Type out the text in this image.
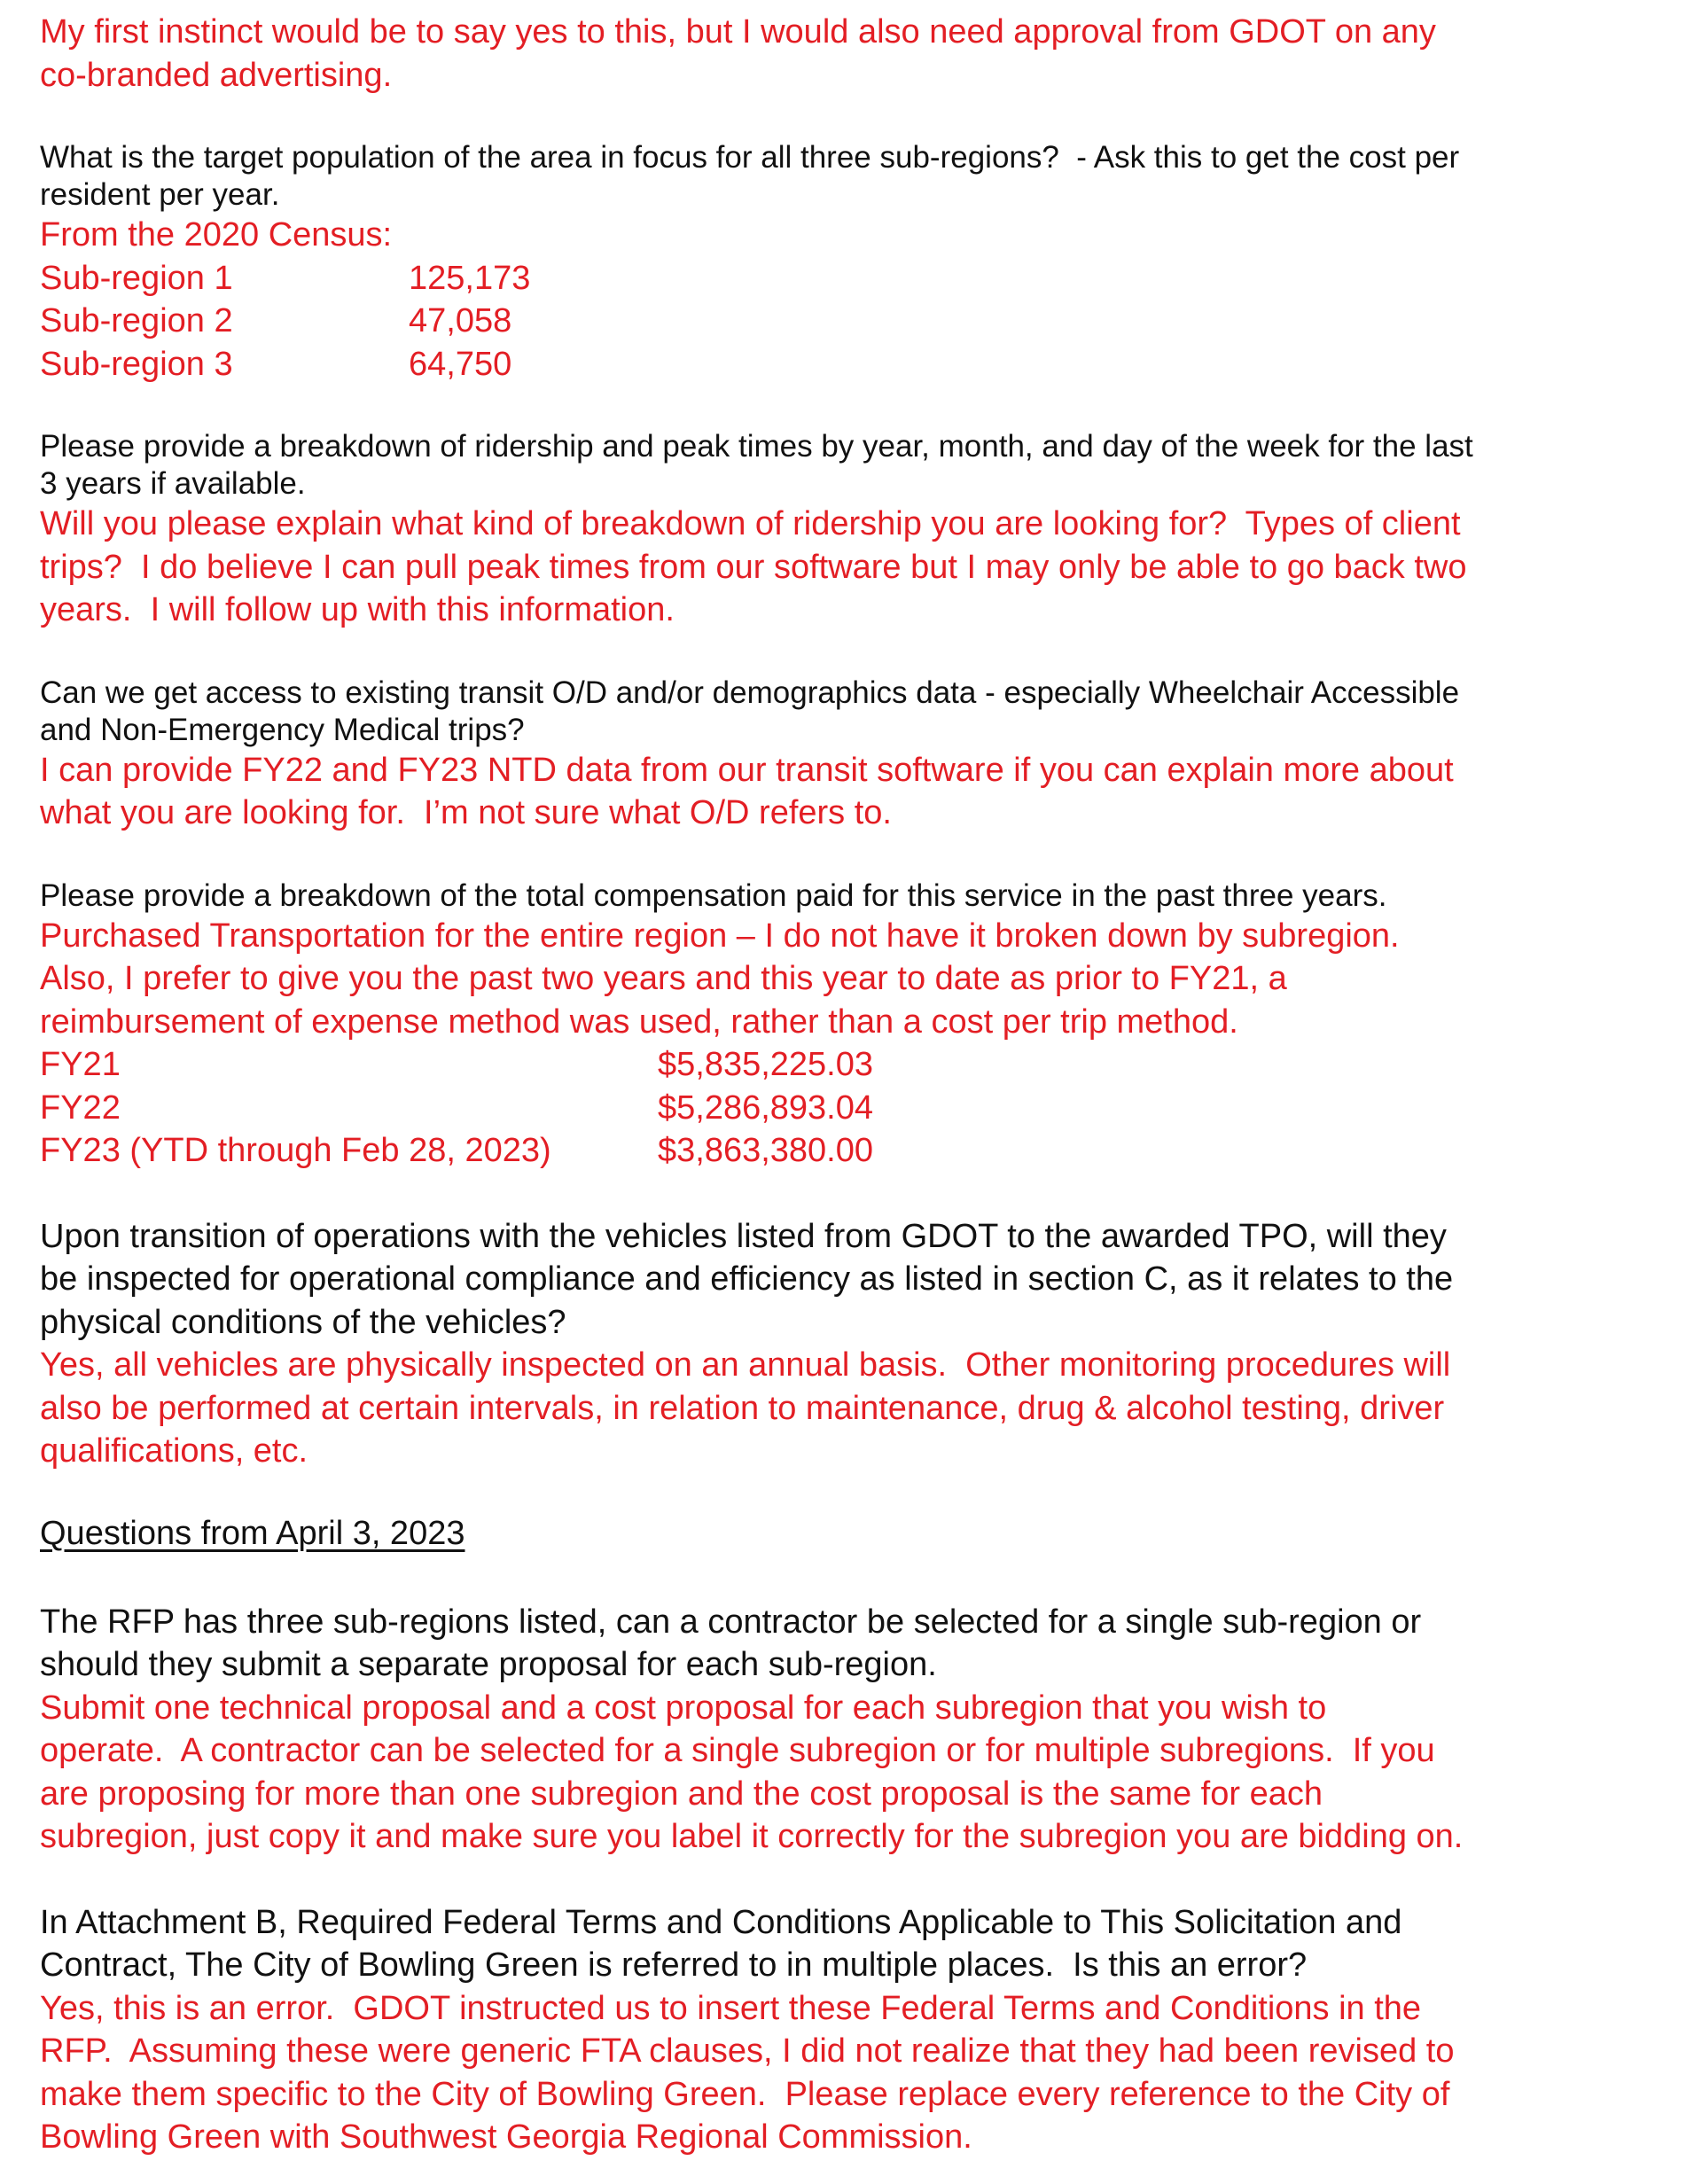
My first instinct would be to say yes to this, but I would also need approval from GDOT on any
co-branded advertising.
What is the target population of the area in focus for all three sub-regions?  - Ask this to get the cost per
resident per year.
From the 2020 Census:
Sub-region 1	125,173
Sub-region 2	47,058
Sub-region 3	64,750
Please provide a breakdown of ridership and peak times by year, month, and day of the week for the last
3 years if available.
Will you please explain what kind of breakdown of ridership you are looking for?  Types of client
trips?  I do believe I can pull peak times from our software but I may only be able to go back two
years.  I will follow up with this information.
Can we get access to existing transit O/D and/or demographics data - especially Wheelchair Accessible
and Non-Emergency Medical trips?
I can provide FY22 and FY23 NTD data from our transit software if you can explain more about
what you are looking for.  I’m not sure what O/D refers to.
Please provide a breakdown of the total compensation paid for this service in the past three years.
Purchased Transportation for the entire region – I do not have it broken down by subregion.
Also, I prefer to give you the past two years and this year to date as prior to FY21, a
reimbursement of expense method was used, rather than a cost per trip method.
FY21	$5,835,225.03
FY22	$5,286,893.04
FY23 (YTD through Feb 28, 2023)	$3,863,380.00
Upon transition of operations with the vehicles listed from GDOT to the awarded TPO, will they
be inspected for operational compliance and efficiency as listed in section C, as it relates to the
physical conditions of the vehicles?
Yes, all vehicles are physically inspected on an annual basis.  Other monitoring procedures will
also be performed at certain intervals, in relation to maintenance, drug & alcohol testing, driver
qualifications, etc.
Questions from April 3, 2023
The RFP has three sub-regions listed, can a contractor be selected for a single sub-region or
should they submit a separate proposal for each sub-region.
Submit one technical proposal and a cost proposal for each subregion that you wish to
operate.  A contractor can be selected for a single subregion or for multiple subregions.  If you
are proposing for more than one subregion and the cost proposal is the same for each
subregion, just copy it and make sure you label it correctly for the subregion you are bidding on.
In Attachment B, Required Federal Terms and Conditions Applicable to This Solicitation and
Contract, The City of Bowling Green is referred to in multiple places.  Is this an error?
Yes, this is an error.  GDOT instructed us to insert these Federal Terms and Conditions in the
RFP.  Assuming these were generic FTA clauses, I did not realize that they had been revised to
make them specific to the City of Bowling Green.  Please replace every reference to the City of
Bowling Green with Southwest Georgia Regional Commission.
